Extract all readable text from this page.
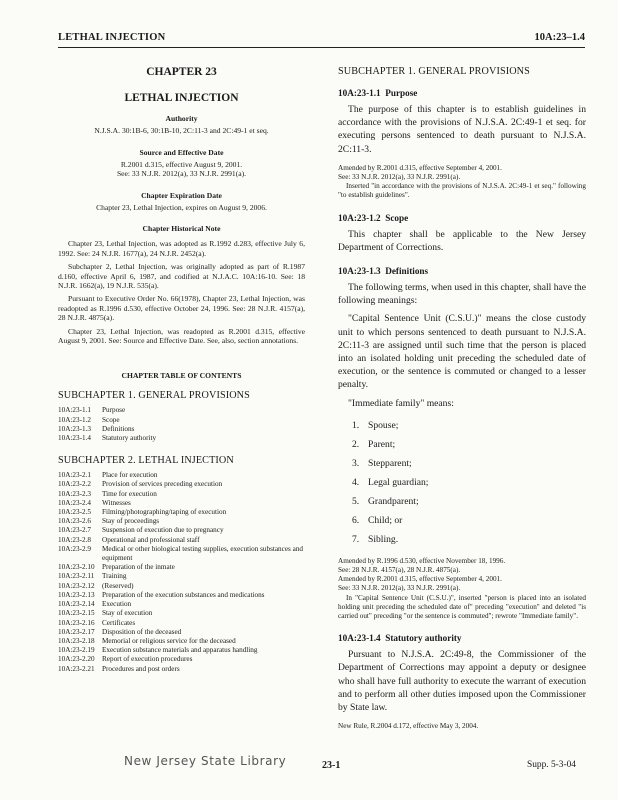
LETHAL INJECTION	10A:23–1.4
CHAPTER 23
LETHAL INJECTION
Authority
N.J.S.A. 30:1B-6, 30:1B-10, 2C:11-3 and 2C:49-1 et seq.
Source and Effective Date
R.2001 d.315, effective August 9, 2001.
See: 33 N.J.R. 2012(a), 33 N.J.R. 2991(a).
Chapter Expiration Date
Chapter 23, Lethal Injection, expires on August 9, 2006.
Chapter Historical Note

Chapter 23, Lethal Injection, was adopted as R.1992 d.283, effective July 6, 1992. See: 24 N.J.R. 1677(a), 24 N.J.R. 2452(a).

Subchapter 2, Lethal Injection, was originally adopted as part of R.1987 d.160, effective April 6, 1987, and codified at N.J.A.C. 10A:16-10. See: 18 N.J.R. 1662(a), 19 N.J.R. 535(a).

Pursuant to Executive Order No. 66(1978), Chapter 23, Lethal Injection, was readopted as R.1996 d.530, effective October 24, 1996. See: 28 N.J.R. 4157(a), 28 N.J.R. 4875(a).

Chapter 23, Lethal Injection, was readopted as R.2001 d.315, effective August 9, 2001. See: Source and Effective Date. See, also, section annotations.

CHAPTER TABLE OF CONTENTS
SUBCHAPTER 1. GENERAL PROVISIONS
10A:23-1.1	Purpose
10A:23-1.2	Scope
10A:23-1.3	Definitions
10A:23-1.4	Statutory authority
SUBCHAPTER 2. LETHAL INJECTION
10A:23-2.1	Place for execution
10A:23-2.2	Provision of services preceding execution
10A:23-2.3	Time for execution
10A:23-2.4	Witnesses
10A:23-2.5	Filming/photographing/taping of execution
10A:23-2.6	Stay of proceedings
10A:23-2.7	Suspension of execution due to pregnancy
10A:23-2.8	Operational and professional staff
10A:23-2.9	Medical or other biological testing supplies, execution substances and equipment
10A:23-2.10	Preparation of the inmate
10A:23-2.11	Training
10A:23-2.12	(Reserved)
10A:23-2.13	Preparation of the execution substances and medications
10A:23-2.14	Execution
10A:23-2.15	Stay of execution
10A:23-2.16	Certificates
10A:23-2.17	Disposition of the deceased
10A:23-2.18	Memorial or religious service for the deceased
10A:23-2.19	Execution substance materials and apparatus handling
10A:23-2.20	Report of execution procedures
10A:23-2.21	Procedures and post orders
SUBCHAPTER 1. GENERAL PROVISIONS
10A:23-1.1 Purpose

The purpose of this chapter is to establish guidelines in accordance with the provisions of N.J.S.A. 2C:49-1 et seq. for executing persons sentenced to death pursuant to N.J.S.A. 2C:11-3.

Amended by R.2001 d.315, effective September 4, 2001.
See: 33 N.J.R. 2012(a), 33 N.J.R. 2991(a).
Inserted "in accordance with the provisions of N.J.S.A. 2C:49-1 et seq." following "to establish guidelines".
10A:23-1.2 Scope

This chapter shall be applicable to the New Jersey Department of Corrections.

10A:23-1.3 Definitions

The following terms, when used in this chapter, shall have the following meanings:

"Capital Sentence Unit (C.S.U.)" means the close custody unit to which persons sentenced to death pursuant to N.J.S.A. 2C:11-3 are assigned until such time that the person is placed into an isolated holding unit preceding the scheduled date of execution, or the sentence is commuted or changed to a lesser penalty.

"Immediate family" means:

1. Spouse;
2. Parent;
3. Stepparent;
4. Legal guardian;
5. Grandparent;
6. Child; or
7. Sibling.
Amended by R.1996 d.530, effective November 18, 1996.
See: 28 N.J.R. 4157(a), 28 N.J.R. 4875(a).
Amended by R.2001 d.315, effective September 4, 2001.
See: 33 N.J.R. 2012(a), 33 N.J.R. 2991(a).
In "Capital Sentence Unit (C.S.U.)", inserted "person is placed into an isolated holding unit preceding the scheduled date of" preceding "execution" and deleted "is carried out" preceding "or the sentence is commuted"; rewrote "Immediate family".
10A:23-1.4 Statutory authority

Pursuant to N.J.S.A. 2C:49-8, the Commissioner of the Department of Corrections may appoint a deputy or designee who shall have full authority to execute the warrant of execution and to perform all other duties imposed upon the Commissioner by State law.

New Rule, R.2004 d.172, effective May 3, 2004.
New Jersey State Library	23-1	Supp. 5-3-04
